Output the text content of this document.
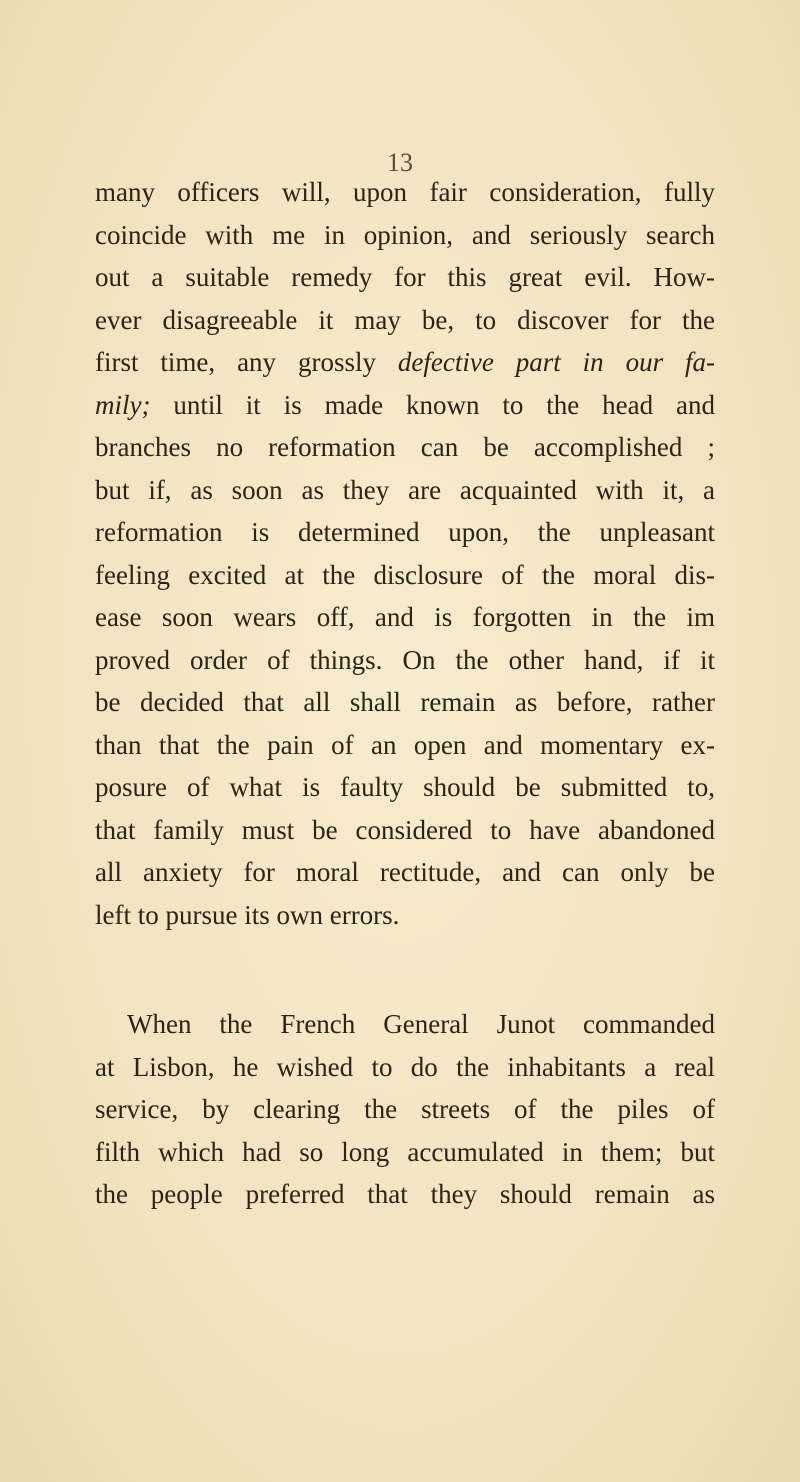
13
many officers will, upon fair consideration, fully
coincide with me in opinion, and seriously search
out a suitable remedy for this great evil. How-
ever disagreeable it may be, to discover for the
first time, any grossly defective part in our fa-
mily; until it is made known to the head and
branches no reformation can be accomplished ;
but if, as soon as they are acquainted with it, a
reformation is determined upon, the unpleasant
feeling excited at the disclosure of the moral dis-
ease soon wears off, and is forgotten in the im
proved order of things. On the other hand, if it
be decided that all shall remain as before, rather
than that the pain of an open and momentary ex-
posure of what is faulty should be submitted to,
that family must be considered to have abandoned
all anxiety for moral rectitude, and can only be
left to pursue its own errors.
When the French General Junot commanded
at Lisbon, he wished to do the inhabitants a real
service, by clearing the streets of the piles of
filth which had so long accumulated in them; but
the people preferred that they should remain as
